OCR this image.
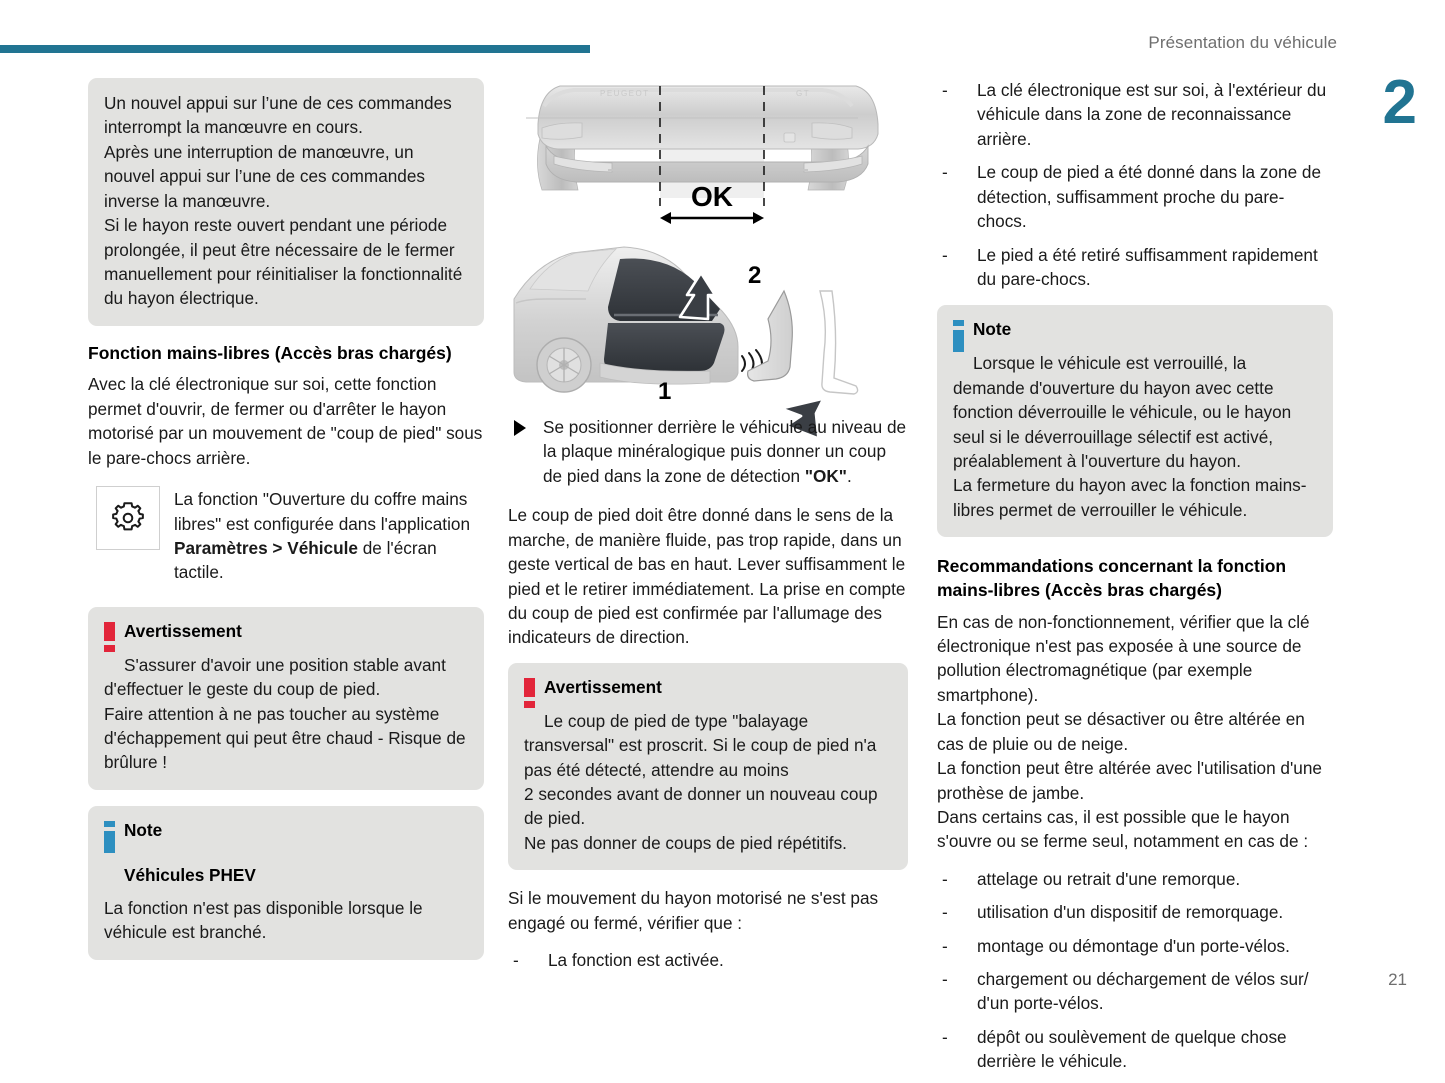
Présentation du véhicule
2
21

Un nouvel appui sur l’une de ces commandes interrompt la manœuvre en cours.
Après une interruption de manœuvre, un nouvel appui sur l’une de ces commandes inverse la manœuvre.
Si le hayon reste ouvert pendant une période prolongée, il peut être nécessaire de le fermer manuellement pour réinitialiser la fonctionnalité du hayon électrique.

Fonction mains-libres (Accès bras chargés)
Avec la clé électronique sur soi, cette fonction permet d'ouvrir, de fermer ou d'arrêter le hayon motorisé par un mouvement de "coup de pied" sous le pare-chocs arrière.
La fonction "Ouverture du coffre mains libres" est configurée dans l'application Paramètres > Véhicule de l'écran tactile.
Avertissement

S'assurer d'avoir une position stable avant
d'effectuer le geste du coup de pied.
Faire attention à ne pas toucher au système d'échappement qui peut être chaud - Risque de brûlure !

Note
Véhicules PHEV

La fonction n'est pas disponible lorsque le véhicule est branché.

PEUGEOT	GT
OK
2
1
Se positionner derrière le véhicule au niveau de la plaque minéralogique puis donner un coup de pied dans la zone de détection "OK".
Le coup de pied doit être donné dans le sens de la marche, de manière fluide, pas trop rapide, dans un geste vertical de bas en haut. Lever suffisamment le pied et le retirer immédiatement. La prise en compte du coup de pied est confirmée par l'allumage des indicateurs de direction.
Avertissement

Le coup de pied de type "balayage
transversal" est proscrit. Si le coup de pied n'a pas été détecté, attendre au moins
2 secondes avant de donner un nouveau coup de pied.
Ne pas donner de coups de pied répétitifs.

Si le mouvement du hayon motorisé ne s'est pas engagé ou fermé, vérifier que :
- La fonction est activée.
- La clé électronique est sur soi, à l'extérieur du véhicule dans la zone de reconnaissance arrière.
- Le coup de pied a été donné dans la zone de détection, suffisamment proche du pare-chocs.
- Le pied a été retiré suffisamment rapidement du pare-chocs.
Note

Lorsque le véhicule est verrouillé, la
demande d'ouverture du hayon avec cette fonction déverrouille le véhicule, ou le hayon seul si le déverrouillage sélectif est activé, préalablement à l'ouverture du hayon.
La fermeture du hayon avec la fonction mains-libres permet de verrouiller le véhicule.

Recommandations concernant la fonction mains-libres (Accès bras chargés)
En cas de non-fonctionnement, vérifier que la clé électronique n'est pas exposée à une source de pollution électromagnétique (par exemple smartphone).
La fonction peut se désactiver ou être altérée en cas de pluie ou de neige.
La fonction peut être altérée avec l'utilisation d'une prothèse de jambe.
Dans certains cas, il est possible que le hayon s'ouvre ou se ferme seul, notamment en cas de :
- attelage ou retrait d'une remorque.
- utilisation d'un dispositif de remorquage.
- montage ou démontage d'un porte-vélos.
- chargement ou déchargement de vélos sur/ d'un porte-vélos.
- dépôt ou soulèvement de quelque chose derrière le véhicule.
